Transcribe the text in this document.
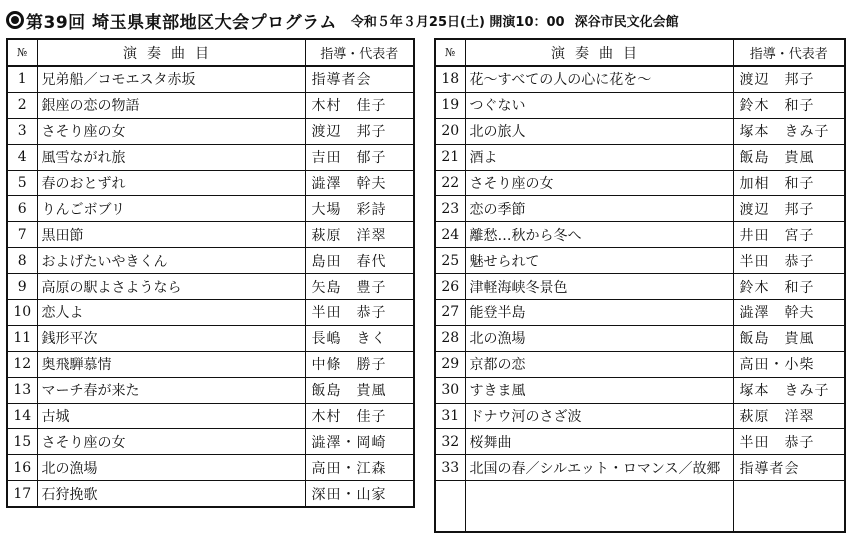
第39回 埼玉県東部地区大会プログラム 令和５年３月25日(土) 開演10：00 深谷市民文化会館
№	演奏曲目	指導・代表者
1	兄弟船／コモエスタ赤坂	指導者会
2	銀座の恋の物語	木村　佳子
3	さそり座の女	渡辺　邦子
4	風雪ながれ旅	吉田　郁子
5	春のおとずれ	澁澤　幹夫
6	りんごボブリ	大場　彩詩
7	黒田節	萩原　洋翠
8	およげたいやきくん	島田　春代
9	高原の駅よさようなら	矢島　豊子
10	恋人よ	半田　恭子
11	銭形平次	長嶋　きく
12	奥飛騨慕情	中條　勝子
13	マーチ春が来た	飯島　貴風
14	古城	木村　佳子
15	さそり座の女	澁澤・岡崎
16	北の漁場	高田・江森
17	石狩挽歌	深田・山家
№	演奏曲目	指導・代表者
18	花～すべての人の心に花を～	渡辺　邦子
19	つぐない	鈴木　和子
20	北の旅人	塚本　きみ子
21	酒よ	飯島　貴風
22	さそり座の女	加相　和子
23	恋の季節	渡辺　邦子
24	離愁…秋から冬へ	井田　宮子
25	魅せられて	半田　恭子
26	津軽海峡冬景色	鈴木　和子
27	能登半島	澁澤　幹夫
28	北の漁場	飯島　貴風
29	京都の恋	高田・小柴
30	すきま風	塚本　きみ子
31	ドナウ河のさざ波	萩原　洋翠
32	桜舞曲	半田　恭子
33	北国の春／シルエット・ロマンス／故郷	指導者会
